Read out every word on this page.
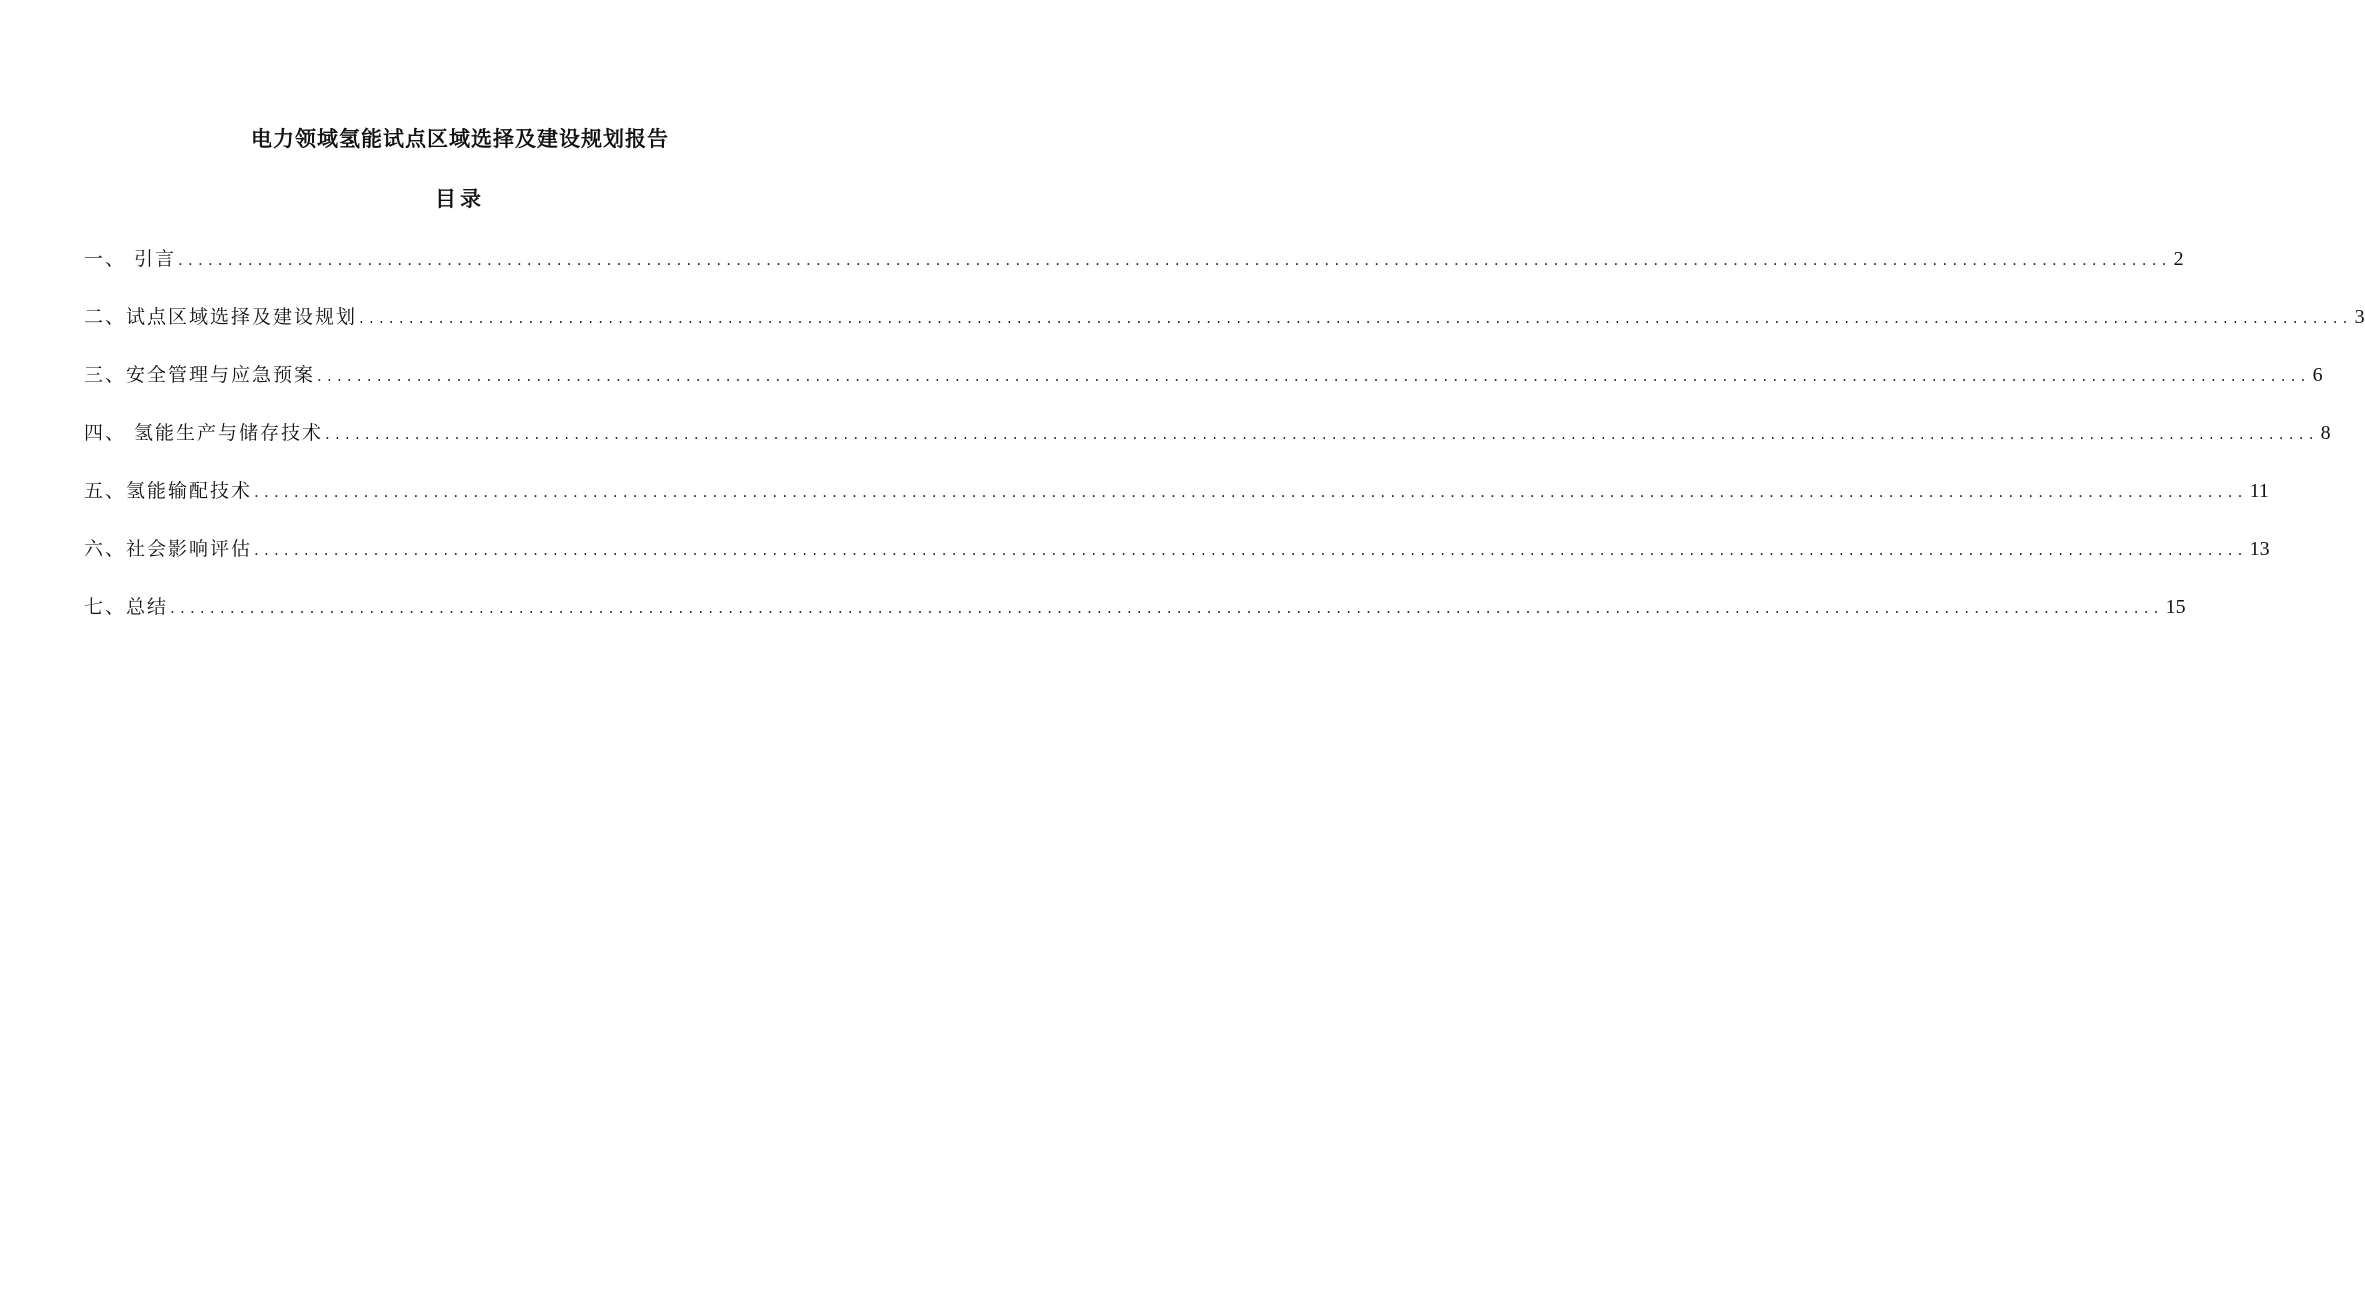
电力领域氢能试点区域选择及建设规划报告
目录
一、 引言 ........................................................................................................................................................................................................ 2
二、试点区域选择及建设规划 ........................................................................................................................................................................................................ 3
三、安全管理与应急预案 ........................................................................................................................................................................................................ 6
四、 氢能生产与储存技术 ........................................................................................................................................................................................................ 8
五、氢能输配技术 ........................................................................................................................................................................................................ 11
六、社会影响评估 ........................................................................................................................................................................................................ 13
七、总结 ........................................................................................................................................................................................................ 15
